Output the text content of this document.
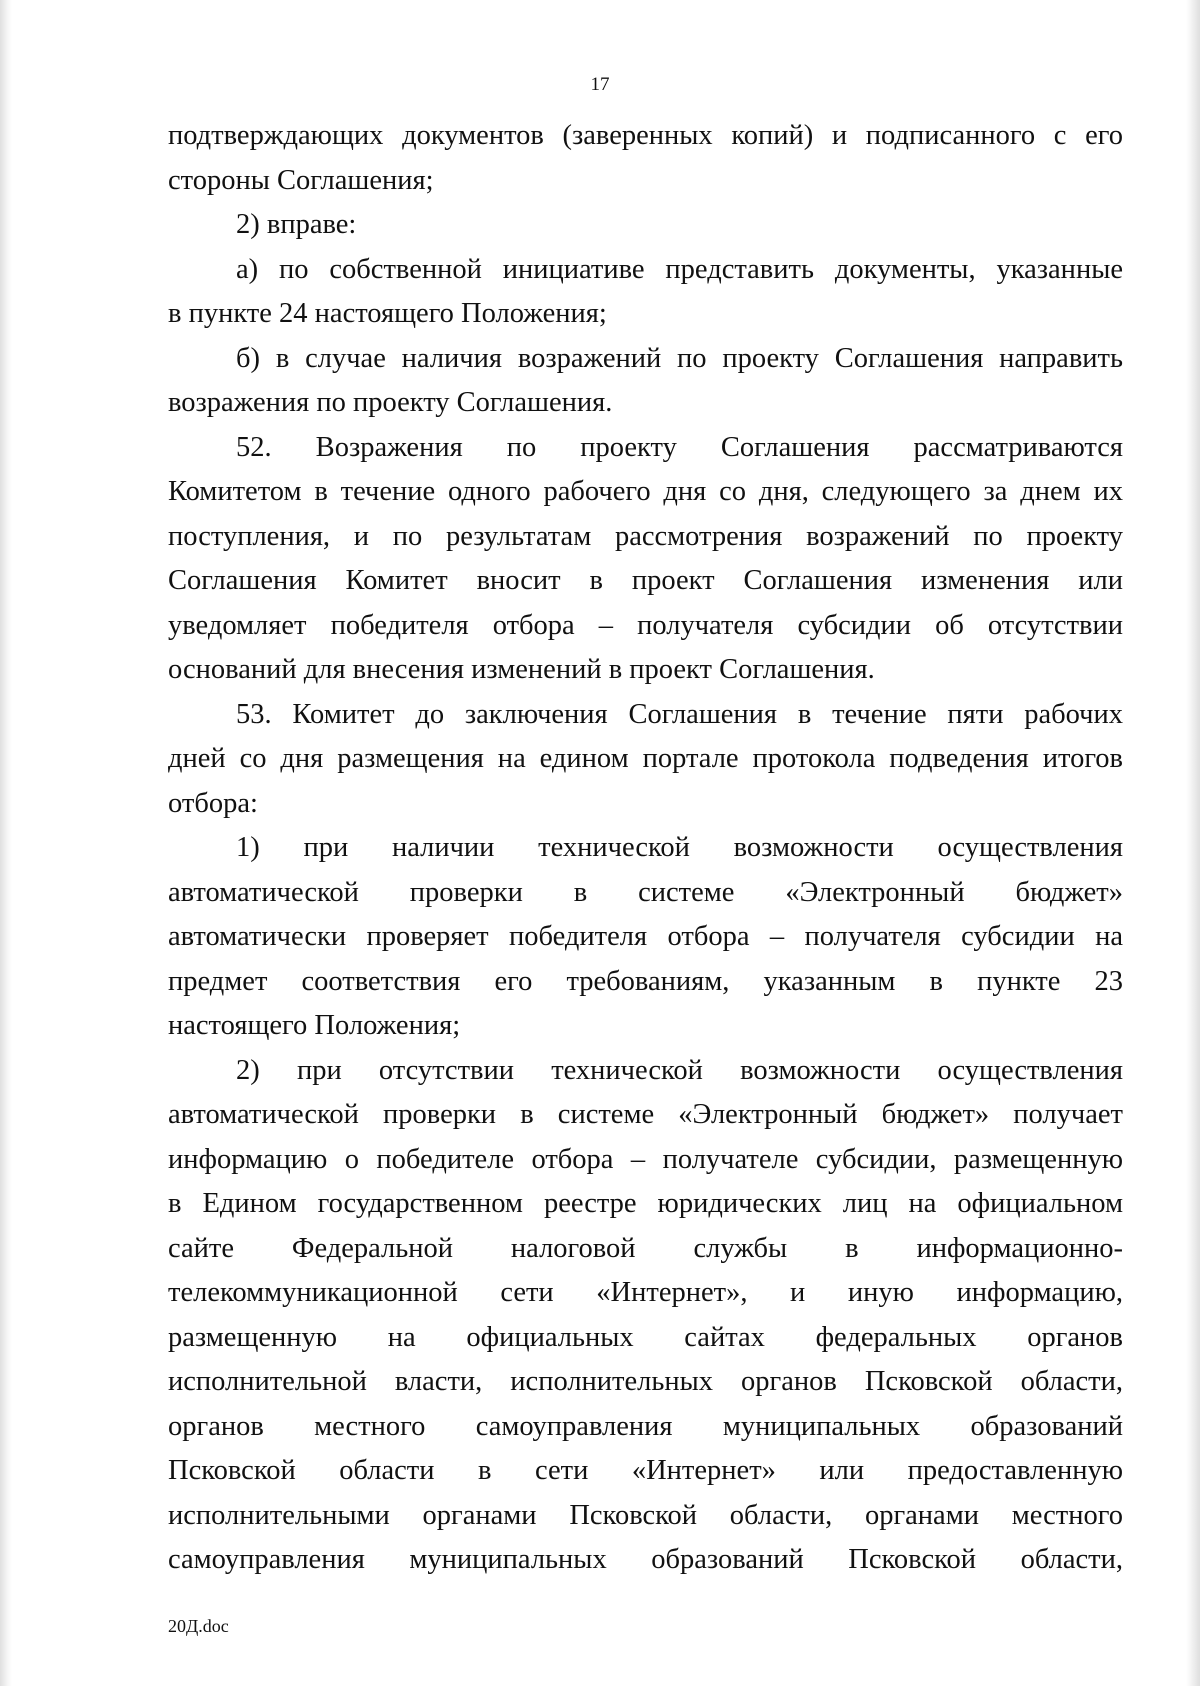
17
подтверждающих документов (заверенных копий) и подписанного с его
стороны Соглашения;
2) вправе:
а) по собственной инициативе представить документы, указанные
в пункте 24 настоящего Положения;
б) в случае наличия возражений по проекту Соглашения направить
возражения по проекту Соглашения.
52. Возражения по проекту Соглашения рассматриваются
Комитетом в течение одного рабочего дня со дня, следующего за днем их
поступления, и по результатам рассмотрения возражений по проекту
Соглашения Комитет вносит в проект Соглашения изменения или
уведомляет победителя отбора – получателя субсидии об отсутствии
оснований для внесения изменений в проект Соглашения.
53. Комитет до заключения Соглашения в течение пяти рабочих
дней со дня размещения на едином портале протокола подведения итогов
отбора:
1) при наличии технической возможности осуществления
автоматической проверки в системе «Электронный бюджет»
автоматически проверяет победителя отбора – получателя субсидии на
предмет соответствия его требованиям, указанным в пункте 23
настоящего Положения;
2) при отсутствии технической возможности осуществления
автоматической проверки в системе «Электронный бюджет» получает
информацию о победителе отбора – получателе субсидии, размещенную
в Едином государственном реестре юридических лиц на официальном
сайте Федеральной налоговой службы в информационно-
телекоммуникационной сети «Интернет», и иную информацию,
размещенную на официальных сайтах федеральных органов
исполнительной власти, исполнительных органов Псковской области,
органов местного самоуправления муниципальных образований
Псковской области в сети «Интернет» или предоставленную
исполнительными органами Псковской области, органами местного
самоуправления муниципальных образований Псковской области,
20Д.doc
